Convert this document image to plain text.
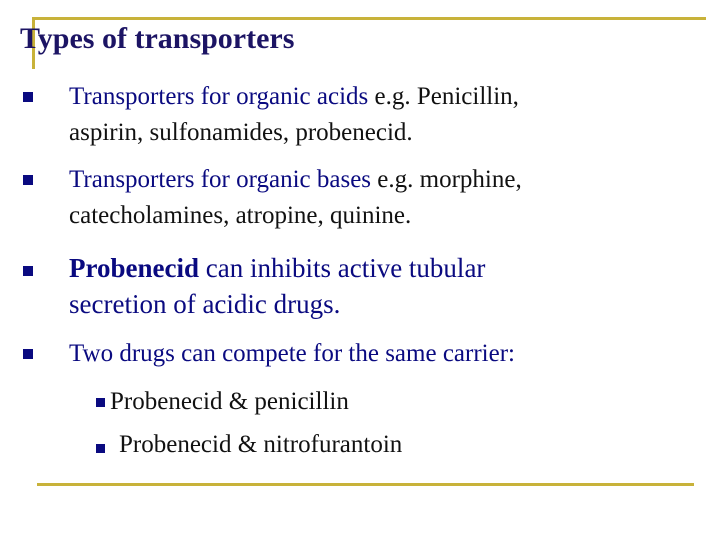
Types of transporters
Transporters for organic acids e.g. Penicillin,
aspirin, sulfonamides, probenecid.
Transporters for organic bases e.g. morphine,
catecholamines, atropine, quinine.
Probenecid can inhibits active tubular
secretion of acidic drugs.
Two drugs can compete for the same carrier:
Probenecid & penicillin
Probenecid & nitrofurantoin
